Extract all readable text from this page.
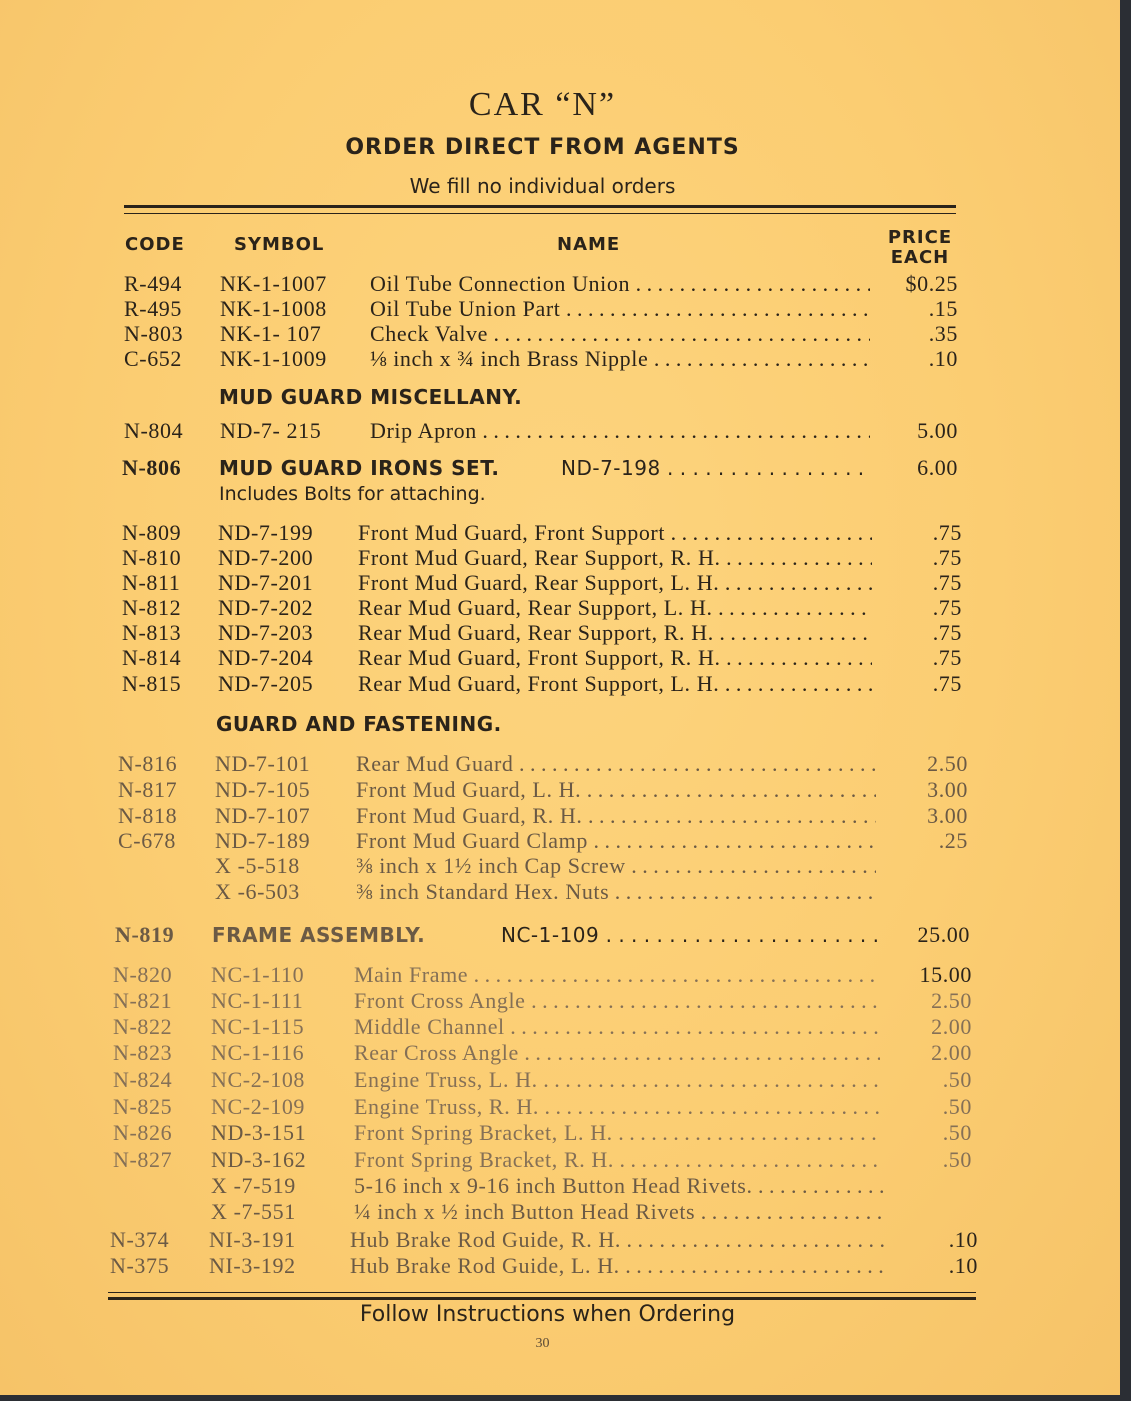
CAR “N”
ORDER DIRECT FROM AGENTS
We fill no individual orders
CODE	SYMBOL	NAME	PRICE
EACH
R-494 NK-1-1007 Oil Tube Connection Union . . .	$0.25
R-495 NK-1-1008 Oil Tube Union Part . . .	.15
N-803 NK-1- 107 Check Valve . . .	.35
C-652 NK-1-1009 ⅛ inch x ¾ inch Brass Nipple . . .	.10
MUD GUARD MISCELLANY.
N-804 ND-7- 215 Drip Apron . . .	5.00
N-806 MUD GUARD IRONS SET.	ND-7-198 . . .	6.00
Includes Bolts for attaching.
N-809 ND-7-199 Front Mud Guard, Front Support . . .	.75
N-810 ND-7-200 Front Mud Guard, Rear Support, R. H. . . .	.75
N-811 ND-7-201 Front Mud Guard, Rear Support, L. H. . . .	.75
N-812 ND-7-202 Rear Mud Guard, Rear Support, L. H. . . .	.75
N-813 ND-7-203 Rear Mud Guard, Rear Support, R. H. . . .	.75
N-814 ND-7-204 Rear Mud Guard, Front Support, R. H. . . .	.75
N-815 ND-7-205 Rear Mud Guard, Front Support, L. H. . . .	.75
GUARD AND FASTENING.
N-816 ND-7-101 Rear Mud Guard . . .	2.50
N-817 ND-7-105 Front Mud Guard, L. H. . . .	3.00
N-818 ND-7-107 Front Mud Guard, R. H. . . .	3.00
C-678 ND-7-189 Front Mud Guard Clamp . . .	.25
X -5-518	⅜ inch x 1½ inch Cap Screw . . .
X -6-503	⅜ inch Standard Hex. Nuts . . .
N-819 FRAME ASSEMBLY.	NC-1-109 . . .	25.00
N-820 NC-1-110 Main Frame . . .	15.00
N-821 NC-1-111 Front Cross Angle . . .	2.50
N-822 NC-1-115 Middle Channel . . .	2.00
N-823 NC-1-116 Rear Cross Angle . . .	2.00
N-824 NC-2-108 Engine Truss, L. H. . . .	.50
N-825 NC-2-109 Engine Truss, R. H. . . .	.50
N-826 ND-3-151 Front Spring Bracket, L. H. . . .	.50
N-827 ND-3-162 Front Spring Bracket, R. H. . . .	.50
X -7-519	5-16 inch x 9-16 inch Button Head Rivets. . . .
X -7-551	¼ inch x ½ inch Button Head Rivets . . .
N-374 NI-3-191 Hub Brake Rod Guide, R. H. . . .	.10
N-375 NI-3-192 Hub Brake Rod Guide, L. H. . . .	.10
Follow Instructions when Ordering
30
